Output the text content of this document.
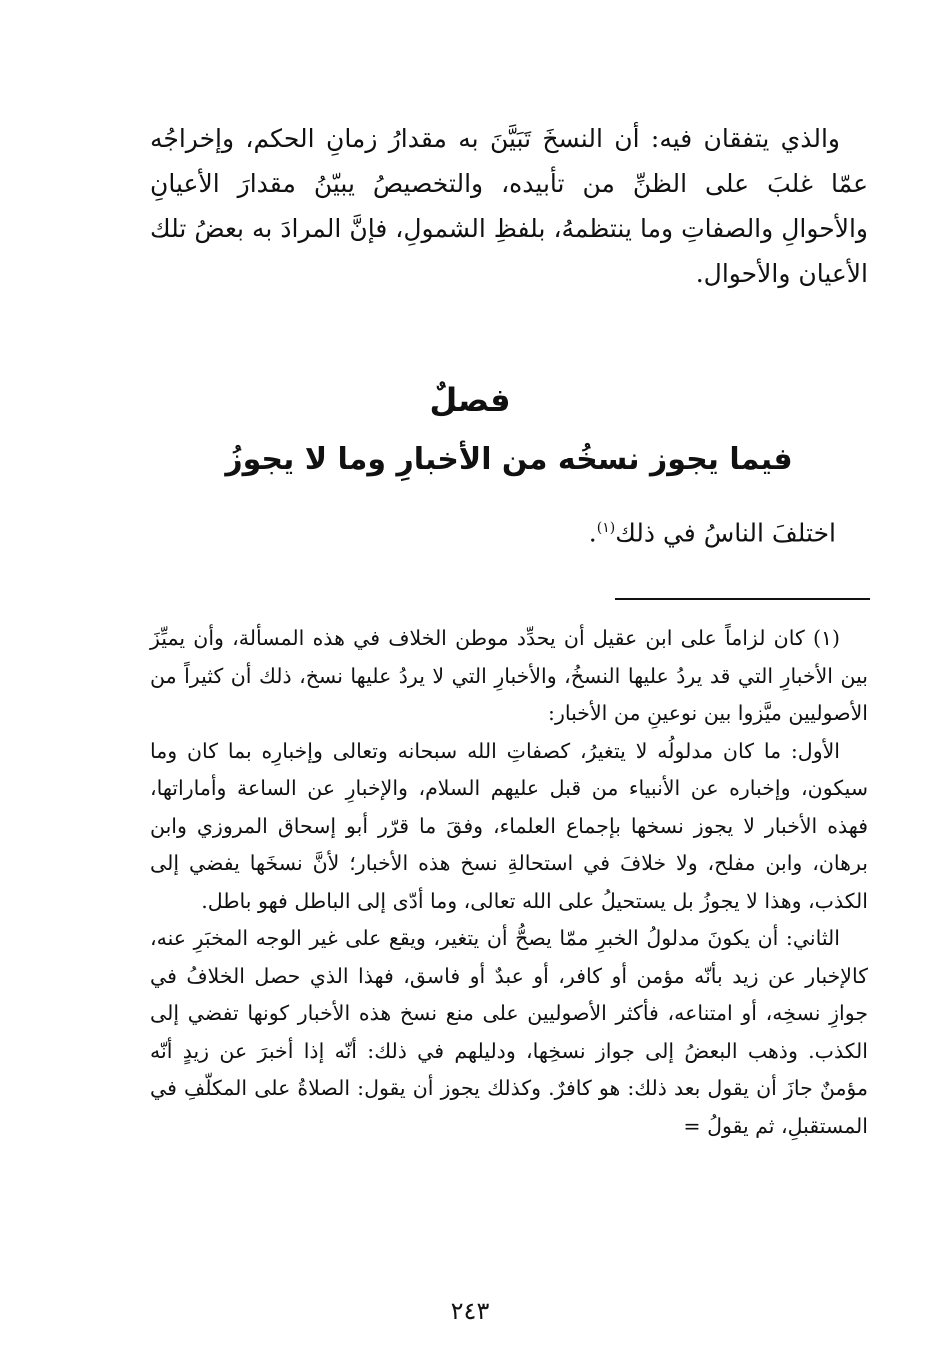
والذي يتفقان فيه: أن النسخَ تَبَيَّنَ به مقدارُ زمانِ الحكم، وإخراجُه عمّا غلبَ على الظنِّ من تأبيده، والتخصيصُ يبيّنُ مقدارَ الأعيانِ والأحوالِ والصفاتِ وما ينتظمهُ، بلفظِ الشمولِ، فإنَّ المرادَ به بعضُ تلك الأعيان والأحوال.

فصلٌ
فيما يجوز نسخُه من الأخبارِ وما لا يجوزُ
اختلفَ الناسُ في ذلك$^{(١)}$.

(١) كان لزاماً على ابن عقيل أن يحدِّد موطن الخلاف في هذه المسألة، وأن يميِّزَ بين الأخبارِ التي قد يردُ عليها النسخُ، والأخبارِ التي لا يردُ عليها نسخ، ذلك أن كثيراً من الأصوليين ميَّزوا بين نوعينِ من الأخبار:

الأول: ما كان مدلولُه لا يتغيرُ، كصفاتِ الله سبحانه وتعالى وإخبارِه بما كان وما سيكون، وإخباره عن الأنبياء من قبل عليهم السلام، والإخبارِ عن الساعة وأماراتها، فهذه الأخبار لا يجوز نسخها بإجماع العلماء، وفقَ ما قرّر أبو إسحاق المروزي وابن برهان، وابن مفلح، ولا خلافَ في استحالةِ نسخ هذه الأخبار؛ لأنَّ نسخَها يفضي إلى الكذب، وهذا لا يجوزُ بل يستحيلُ على الله تعالى، وما أدّى إلى الباطل فهو باطل.

الثاني: أن يكونَ مدلولُ الخبرِ ممّا يصحُّ أن يتغير، ويقع على غير الوجه المخبَرِ عنه، كالإخبار عن زيد بأنّه مؤمن أو كافر، أو عبدٌ أو فاسق، فهذا الذي حصل الخلافُ في جوازِ نسخِه، أو امتناعه، فأكثر الأصوليين على منع نسخ هذه الأخبار كونها تفضي إلى الكذب. وذهب البعضُ إلى جواز نسخِها، ودليلهم في ذلك: أنّه إذا أخبرَ عن زيدٍ أنّه مؤمنٌ جازَ أن يقول بعد ذلك: هو كافرٌ. وكذلك يجوز أن يقول: الصلاةُ على المكلّفِ في المستقبلِ، ثم يقولُ =

٢٤٣
